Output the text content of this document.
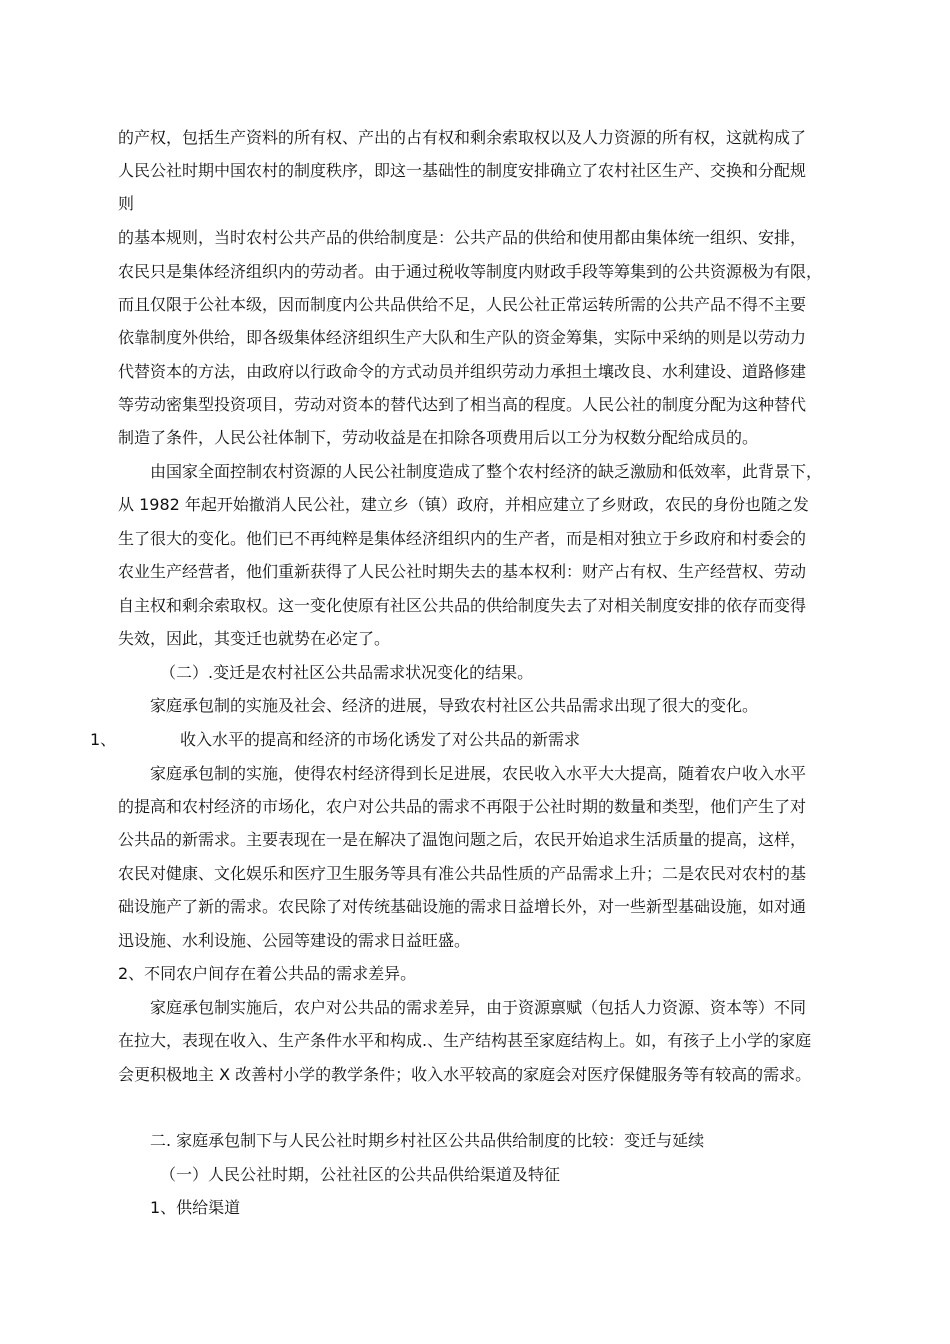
的产权，包括生产资料的所有权、产出的占有权和剩余索取权以及人力资源的所有权，这就构成了

人民公社时期中国农村的制度秩序，即这一基础性的制度安排确立了农村社区生产、交换和分配规

则

的基本规则，当时农村公共产品的供给制度是：公共产品的供给和使用都由集体统一组织、安排，

农民只是集体经济组织内的劳动者。由于通过税收等制度内财政手段等筹集到的公共资源极为有限，

而且仅限于公社本级，因而制度内公共品供给不足，人民公社正常运转所需的公共产品不得不主要

依靠制度外供给，即各级集体经济组织生产大队和生产队的资金筹集，实际中采纳的则是以劳动力

代替资本的方法，由政府以行政命令的方式动员并组织劳动力承担土壤改良、水利建设、道路修建

等劳动密集型投资项目，劳动对资本的替代达到了相当高的程度。人民公社的制度分配为这种替代

制造了条件，人民公社体制下，劳动收益是在扣除各项费用后以工分为权数分配给成员的。

由国家全面控制农村资源的人民公社制度造成了整个农村经济的缺乏激励和低效率，此背景下，

从 1982 年起开始撤消人民公社，建立乡（镇）政府，并相应建立了乡财政，农民的身份也随之发

生了很大的变化。他们已不再纯粹是集体经济组织内的生产者，而是相对独立于乡政府和村委会的

农业生产经营者，他们重新获得了人民公社时期失去的基本权利：财产占有权、生产经营权、劳动

自主权和剩余索取权。这一变化使原有社区公共品的供给制度失去了对相关制度安排的依存而变得

失效，因此，其变迁也就势在必定了。

（二）.变迁是农村社区公共品需求状况变化的结果。

家庭承包制的实施及社会、经济的进展，导致农村社区公共品需求出现了很大的变化。

1、	收入水平的提高和经济的市场化诱发了对公共品的新需求

家庭承包制的实施，使得农村经济得到长足进展，农民收入水平大大提高，随着农户收入水平

的提高和农村经济的市场化，农户对公共品的需求不再限于公社时期的数量和类型，他们产生了对

公共品的新需求。主要表现在一是在解决了温饱问题之后，农民开始追求生活质量的提高，这样，

农民对健康、文化娱乐和医疗卫生服务等具有准公共品性质的产品需求上升；二是农民对农村的基

础设施产了新的需求。农民除了对传统基础设施的需求日益增长外，对一些新型基础设施，如对通

迅设施、水利设施、公园等建设的需求日益旺盛。

2、不同农户间存在着公共品的需求差异。

家庭承包制实施后，农户对公共品的需求差异，由于资源禀赋（包括人力资源、资本等）不同

在拉大，表现在收入、生产条件水平和构成.、生产结构甚至家庭结构上。如，有孩子上小学的家庭

会更积极地主 X 改善村小学的教学条件；收入水平较高的家庭会对医疗保健服务等有较高的需求。

二. 家庭承包制下与人民公社时期乡村社区公共品供给制度的比较：变迁与延续

（一）人民公社时期，公社社区的公共品供给渠道及特征

1、供给渠道
